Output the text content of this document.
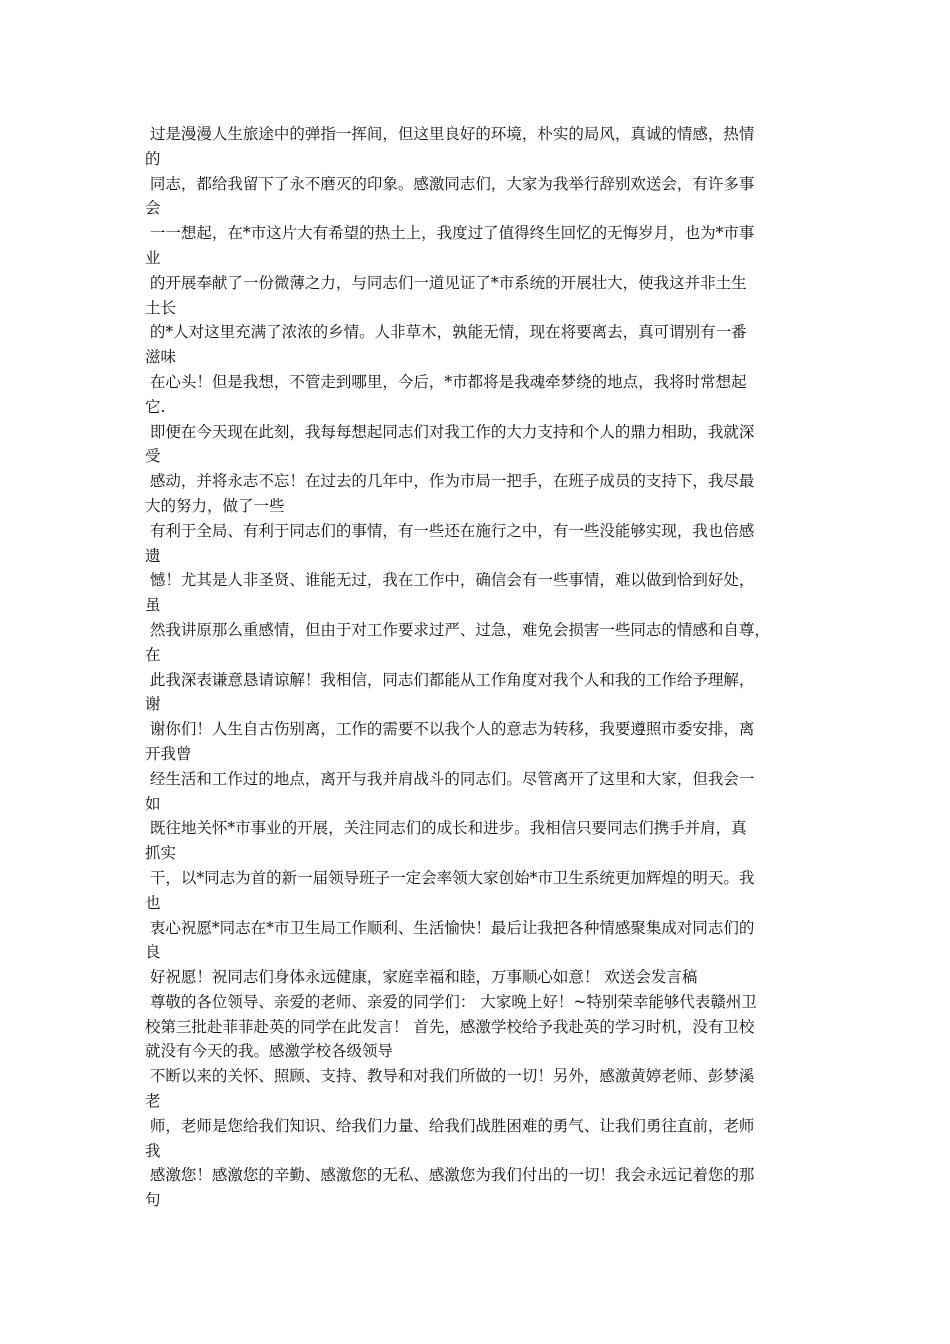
过是漫漫人生旅途中的弹指一挥间，但这里良好的环境，朴实的局风，真诚的情感，热情
的
同志，都给我留下了永不磨灭的印象。感激同志们，大家为我举行辞别欢送会，有许多事
会
一一想起，在*市这片大有希望的热土上，我度过了值得终生回忆的无悔岁月，也为*市事
业
的开展奉献了一份微薄之力，与同志们一道见证了*市系统的开展壮大，使我这并非土生
土长
的*人对这里充满了浓浓的乡情。人非草木，孰能无情，现在将要离去，真可谓别有一番
滋味
在心头！但是我想，不管走到哪里，今后，*市都将是我魂牵梦绕的地点，我将时常想起
它.
即便在今天现在此刻，我每每想起同志们对我工作的大力支持和个人的鼎力相助，我就深
受
感动，并将永志不忘！在过去的几年中，作为市局一把手，在班子成员的支持下，我尽最
大的努力，做了一些
有利于全局、有利于同志们的事情，有一些还在施行之中，有一些没能够实现，我也倍感
遗
憾！尤其是人非圣贤、谁能无过，我在工作中，确信会有一些事情，难以做到恰到好处，
虽
然我讲原那么重感情，但由于对工作要求过严、过急，难免会损害一些同志的情感和自尊，
在
此我深表谦意恳请谅解！我相信，同志们都能从工作角度对我个人和我的工作给予理解，
谢
谢你们！人生自古伤别离，工作的需要不以我个人的意志为转移，我要遵照市委安排，离
开我曾
经生活和工作过的地点，离开与我并肩战斗的同志们。尽管离开了这里和大家，但我会一
如
既往地关怀*市事业的开展，关注同志们的成长和进步。我相信只要同志们携手并肩，真
抓实
干，以*同志为首的新一届领导班子一定会率领大家创始*市卫生系统更加辉煌的明天。我
也
衷心祝愿*同志在*市卫生局工作顺利、生活愉快！最后让我把各种情感聚集成对同志们的
良
好祝愿！祝同志们身体永远健康，家庭幸福和睦，万事顺心如意！ 欢送会发言稿
尊敬的各位领导、亲爱的老师、亲爱的同学们： 大家晚上好！~特别荣幸能够代表赣州卫
校第三批赴菲菲赴英的同学在此发言！ 首先，感激学校给予我赴英的学习时机，没有卫校
就没有今天的我。感激学校各级领导
不断以来的关怀、照顾、支持、教导和对我们所做的一切！另外，感激黄婷老师、彭梦溪
老
师，老师是您给我们知识、给我们力量、给我们战胜困难的勇气、让我们勇往直前，老师
我
感激您！感激您的辛勤、感激您的无私、感激您为我们付出的一切！我会永远记着您的那
句
